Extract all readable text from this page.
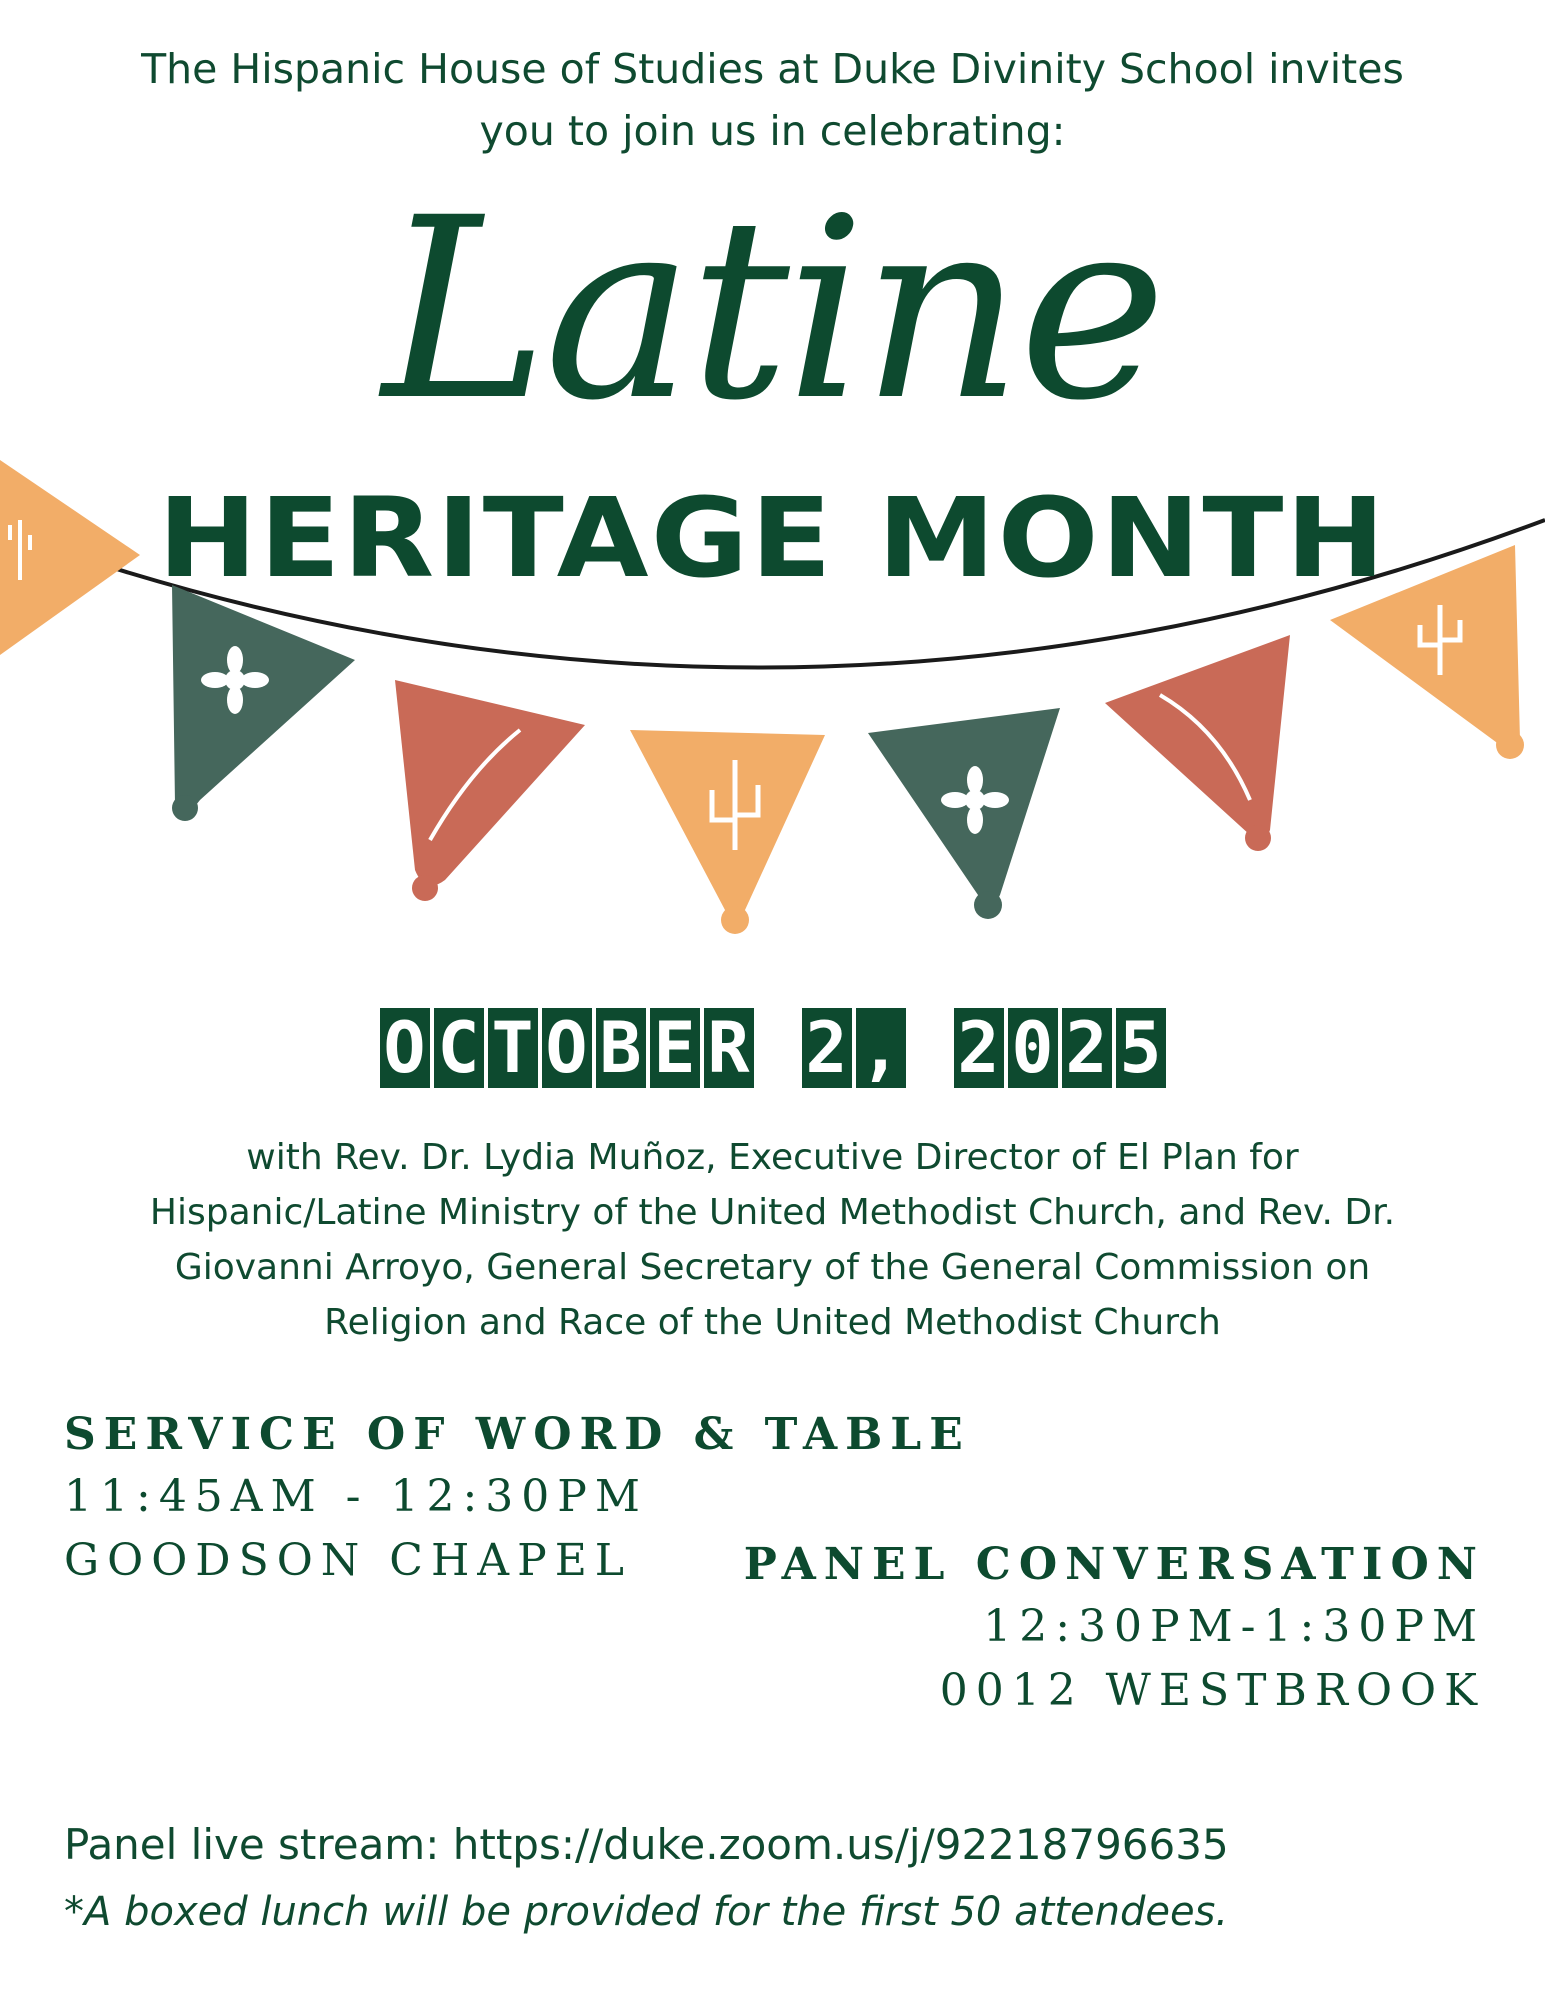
The Hispanic House of Studies at Duke Divinity School invites
you to join us in celebrating:
Latine
HERITAGE MONTH
O C T O B E R 2 , 2 0 2 5
with Rev. Dr. Lydia Muñoz, Executive Director of El Plan for
Hispanic/Latine Ministry of the United Methodist Church, and Rev. Dr.
Giovanni Arroyo, General Secretary of the General Commission on
Religion and Race of the United Methodist Church
SERVICE OF WORD & TABLE
11:45AM - 12:30PM
GOODSON CHAPEL	PANEL CONVERSATION
12:30PM-1:30PM
0012 WESTBROOK
Panel live stream: https://duke.zoom.us/j/92218796635
*A boxed lunch will be provided for the first 50 attendees.
